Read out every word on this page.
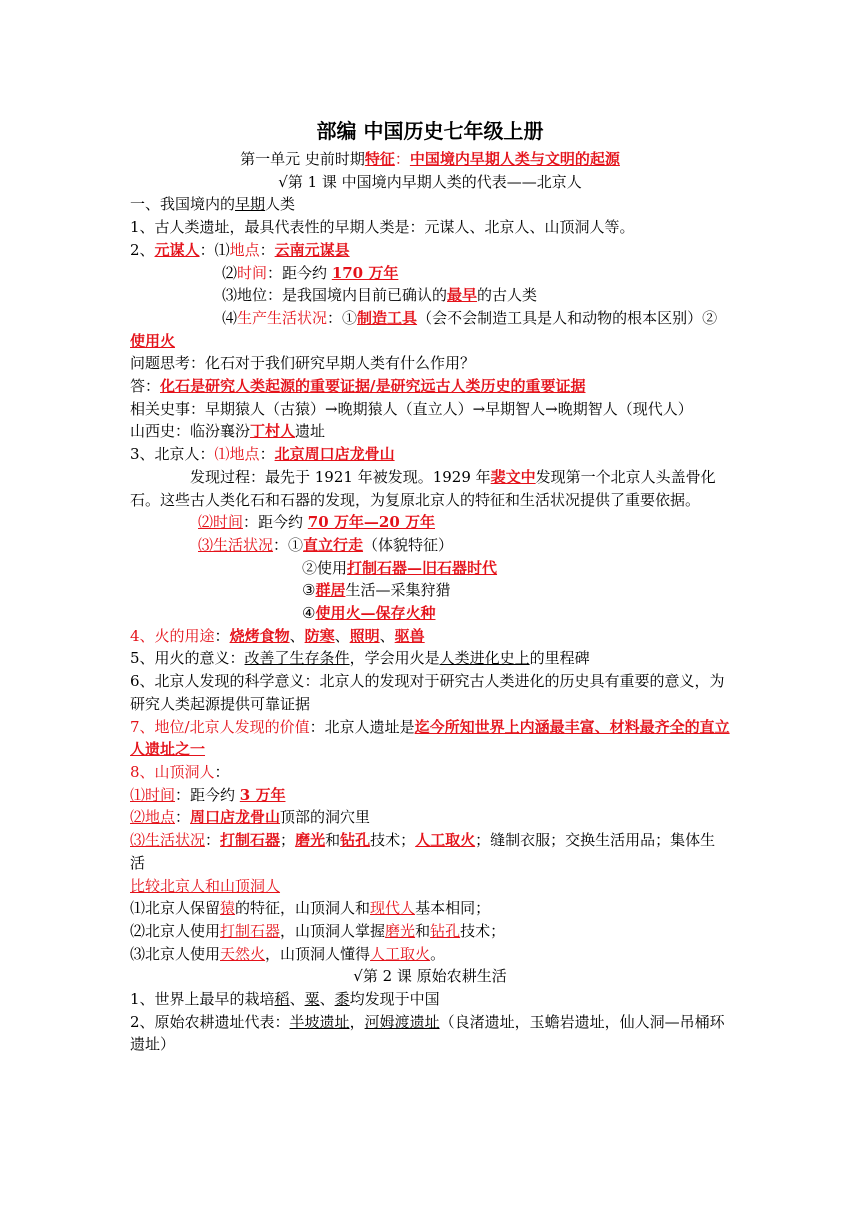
部编 中国历史七年级上册
第一单元 史前时期特征：中国境内早期人类与文明的起源
√第 1 课 中国境内早期人类的代表——北京人
一、我国境内的早期人类
1、古人类遗址，最具代表性的早期人类是：元谋人、北京人、山顶洞人等。
2、元谋人：⑴地点：云南元谋县
⑵时间：距今约 170 万年
⑶地位：是我国境内目前已确认的最早的古人类
⑷生产生活状况：①制造工具（会不会制造工具是人和动物的根本区别）②使用火
问题思考：化石对于我们研究早期人类有什么作用？
答：化石是研究人类起源的重要证据/是研究远古人类历史的重要证据
相关史事：早期猿人（古猿）→晚期猿人（直立人）→早期智人→晚期智人（现代人）
山西史：临汾襄汾丁村人遗址
3、北京人：⑴地点：北京周口店龙骨山
发现过程：最先于 1921 年被发现。1929 年裴文中发现第一个北京人头盖骨化石。这些古人类化石和石器的发现，为复原北京人的特征和生活状况提供了重要依据。
⑵时间：距今约 70 万年—20 万年
⑶生活状况：①直立行走（体貌特征）
②使用打制石器—旧石器时代
③群居生活—采集狩猎
④使用火—保存火种
4、火的用途：烧烤食物、防寒、照明、驱兽
5、用火的意义：改善了生存条件，学会用火是人类进化史上的里程碑
6、北京人发现的科学意义：北京人的发现对于研究古人类进化的历史具有重要的意义，为研究人类起源提供可靠证据
7、地位/北京人发现的价值：北京人遗址是迄今所知世界上内涵最丰富、材料最齐全的直立人遗址之一
8、山顶洞人：
⑴时间：距今约 3 万年
⑵地点：周口店龙骨山顶部的洞穴里
⑶生活状况：打制石器；磨光和钻孔技术；人工取火；缝制衣服；交换生活用品；集体生活
比较北京人和山顶洞人
⑴北京人保留猿的特征，山顶洞人和现代人基本相同；
⑵北京人使用打制石器，山顶洞人掌握磨光和钻孔技术；
⑶北京人使用天然火，山顶洞人懂得人工取火。
√第 2 课 原始农耕生活
1、世界上最早的栽培稻、粟、黍均发现于中国
2、原始农耕遗址代表：半坡遗址，河姆渡遗址（良渚遗址，玉蟾岩遗址，仙人洞—吊桶环遗址）
